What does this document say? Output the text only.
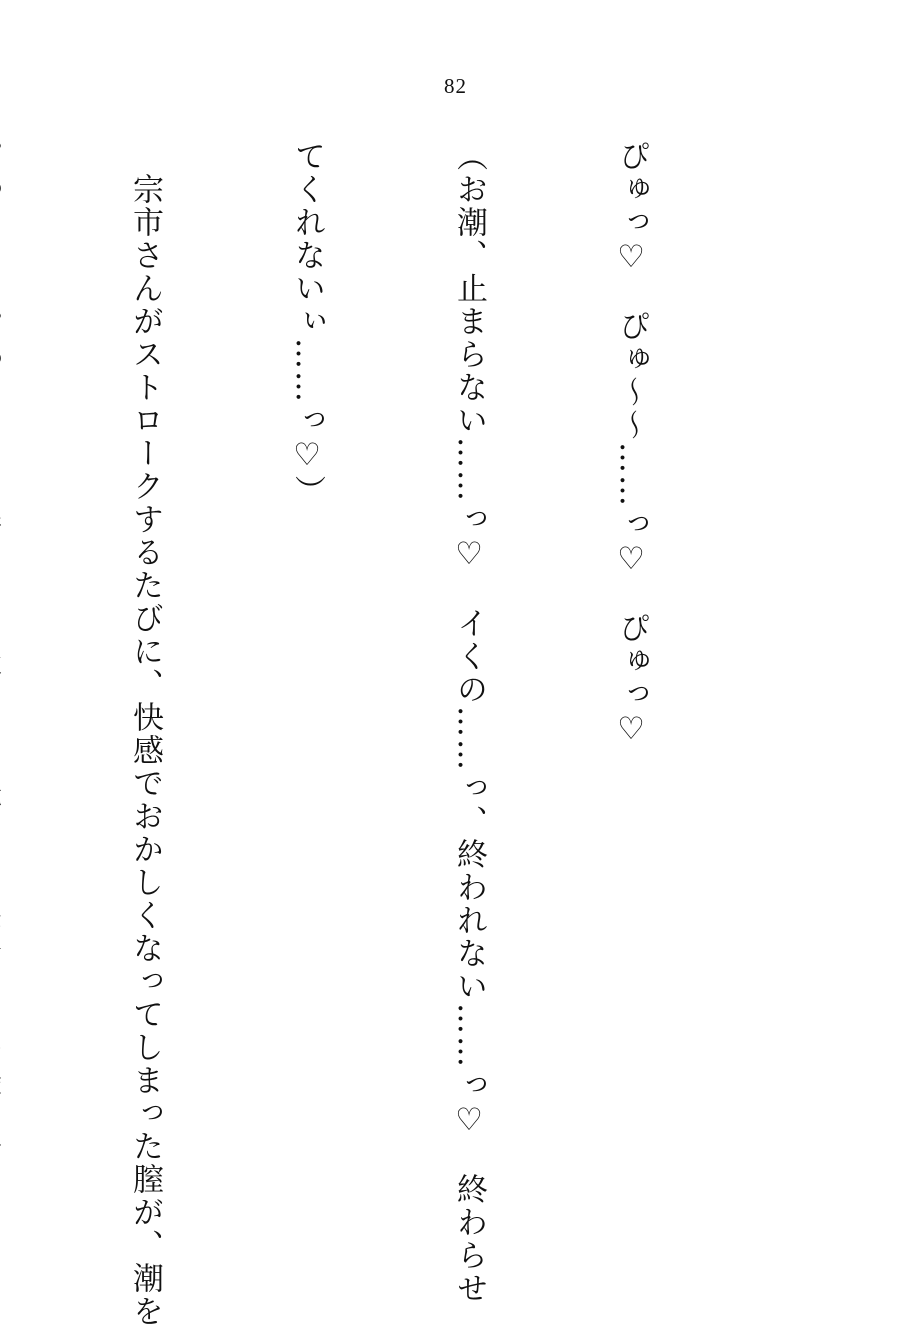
82

ぴゅっ♡　ぴゅ〜〜……っ♡　ぴゅっ♡

（お潮、止まらない……っ♡　イくの……っ、終われない……っ♡　終わらせ

てくれないぃ……っ♡）

　宗市さんがストロークするたびに、快感でおかしくなってしまった膣が、潮を
